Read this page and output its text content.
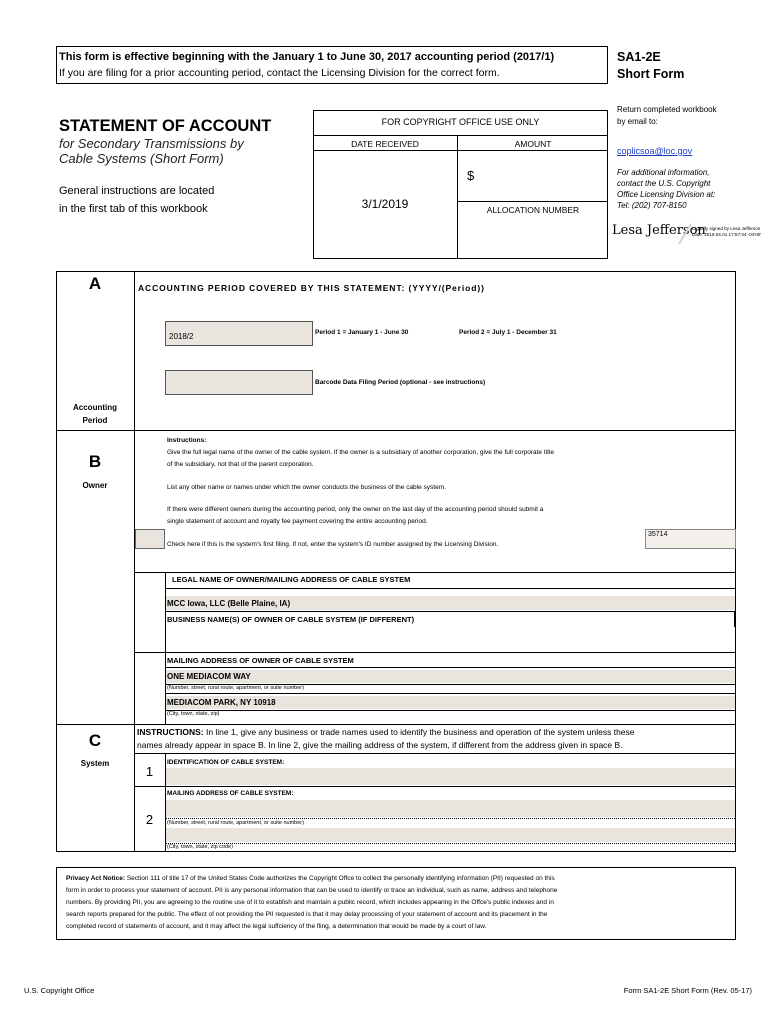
This form is effective beginning with the January 1 to June 30, 2017 accounting period (2017/1)
If you are filing for a prior accounting period, contact the Licensing Division for the correct form.
SA1-2E
Short Form
STATEMENT OF ACCOUNT
for Secondary Transmissions by
Cable Systems (Short Form)
General instructions are located
in the first tab of this workbook
FOR COPYRIGHT OFFICE USE ONLY
DATE RECEIVED	AMOUNT
3/1/2019
$
ALLOCATION NUMBER
Return completed workbook
by email to:
coplicsoa@loc.gov
For additional information,
contact the U.S. Copyright
Office Licensing Division at:
Tel: (202) 707-8150
Lesa Jefferson
Digitally signed by Lesa Jefferson
Date: 2019.04.01 17:57:34 -04'00'
A	ACCOUNTING PERIOD COVERED BY THIS STATEMENT: (YYYY/(Period))
2018/2	Period 1 = January 1 - June 30	Period 2 = July 1 - December 31
Barcode Data Filing Period (optional - see instructions)
Accounting
Period
B
Owner
Instructions:
Give the full legal name of the owner of the cable system. If the owner is a subsidiary of another corporation, give the full corporate title
of the subsidiary, not that of the parent corporation.
List any other name or names under which the owner conducts the business of the cable system.
If there were different owners during the accounting period, only the owner on the last day of the accounting period should submit a
single statement of account and royalty fee payment covering the entire accounting period.
Check here if this is the system's first filing. If not, enter the system's ID number assigned by the Licensing Division.
35714
LEGAL NAME OF OWNER/MAILING ADDRESS OF CABLE SYSTEM
MCC Iowa, LLC (Belle Plaine, IA)
BUSINESS NAME(S) OF OWNER OF CABLE SYSTEM (IF DIFFERENT)
MAILING ADDRESS OF OWNER OF CABLE SYSTEM
ONE MEDIACOM WAY
(Number, street, rural route, apartment, or suite number)
MEDIACOM PARK, NY 10918
(City, town, state, zip)
C
System
INSTRUCTIONS: In line 1, give any business or trade names used to identify the business and operation of the system unless these
names already appear in space B. In line 2, give the mailing address of the system, if different from the address given in space B.
1
IDENTIFICATION OF CABLE SYSTEM:
2
MAILING ADDRESS OF CABLE SYSTEM:
(Number, street, rural route, apartment, or suite number)
(City, town, state, zip code)
Privacy Act Notice: Section 111 of title 17 of the United States Code authorizes the Copyright Offce to collect the personally identifying information (PII) requested on this
form in order to process your statement of account. PII is any personal information that can be used to identify or trace an individual, such as name, address and telephone
numbers. By providing PII, you are agreeing to the routine use of it to establish and maintain a public record, which includes appearing in the Offce's public indexes and in
search reports prepared for the public. The effect of not providing the PII requested is that it may delay processing of your statement of account and its placement in the
completed record of statements of account, and it may affect the legal suffciency of the fling, a determination that would be made by a court of law.
U.S. Copyright Office	Form SA1-2E Short Form (Rev. 05-17)
